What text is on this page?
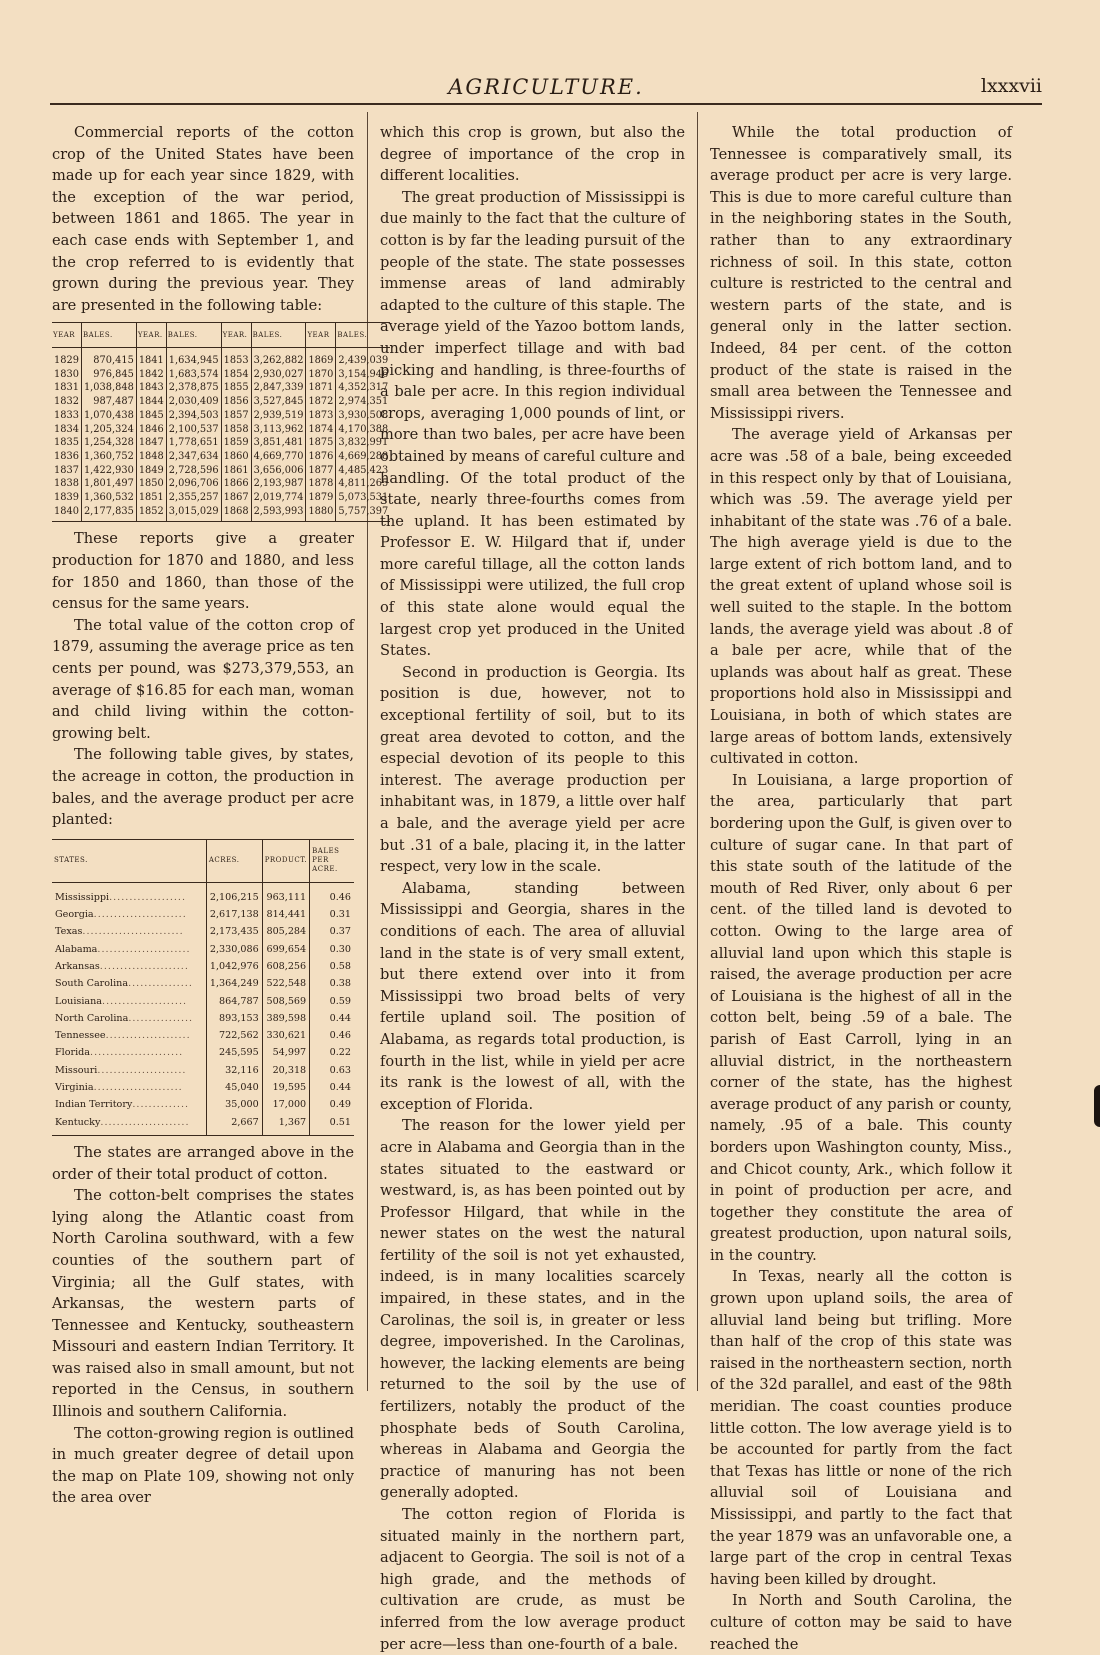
AGRICULTURE.	lxxxvii

Commercial reports of the cotton crop of the United States have been made up for each year since 1829, with the exception of the war period, between 1861 and 1865. The year in each case ends with September 1, and the crop referred to is evidently that grown during the previous year. They are presented in the following table:

YEAR	BALES.	YEAR.	BALES.	YEAR.	BALES.	YEAR	BALES.
1829	870,415	1841	1,634,945	1853	3,262,882	1869	2,439,039
1830	976,845	1842	1,683,574	1854	2,930,027	1870	3,154,946
1831	1,038,848	1843	2,378,875	1855	2,847,339	1871	4,352,317
1832	987,487	1844	2,030,409	1856	3,527,845	1872	2,974,351
1833	1,070,438	1845	2,394,503	1857	2,939,519	1873	3,930,508
1834	1,205,324	1846	2,100,537	1858	3,113,962	1874	4,170,388
1835	1,254,328	1847	1,778,651	1859	3,851,481	1875	3,832,991
1836	1,360,752	1848	2,347,634	1860	4,669,770	1876	4,669,288
1837	1,422,930	1849	2,728,596	1861	3,656,006	1877	4,485,423
1838	1,801,497	1850	2,096,706	1866	2,193,987	1878	4,811,265
1839	1,360,532	1851	2,355,257	1867	2,019,774	1879	5,073,531
1840	2,177,835	1852	3,015,029	1868	2,593,993	1880	5,757,397

These reports give a greater production for 1870 and 1880, and less for 1850 and 1860, than those of the census for the same years.

The total value of the cotton crop of 1879, assuming the average price as ten cents per pound, was $273,379,553, an average of $16.85 for each man, woman and child living within the cotton-growing belt.

The following table gives, by states, the acreage in cotton, the production in bales, and the average product per acre planted:

STATES.	ACRES.	PRODUCT.	BALES PER ACRE.
Mississippi...................	2,106,215	963,111	0.46
Georgia.......................	2,617,138	814,441	0.31
Texas.........................	2,173,435	805,284	0.37
Alabama.......................	2,330,086	699,654	0.30
Arkansas......................	1,042,976	608,256	0.58
South Carolina................	1,364,249	522,548	0.38
Louisiana.....................	864,787	508,569	0.59
North Carolina................	893,153	389,598	0.44
Tennessee.....................	722,562	330,621	0.46
Florida.......................	245,595	54,997	0.22
Missouri......................	32,116	20,318	0.63
Virginia......................	45,040	19,595	0.44
Indian Territory..............	35,000	17,000	0.49
Kentucky......................	2,667	1,367	0.51

The states are arranged above in the order of their total product of cotton.

The cotton-belt comprises the states lying along the Atlantic coast from North Carolina southward, with a few counties of the southern part of Virginia; all the Gulf states, with Arkansas, the western parts of Tennessee and Kentucky, southeastern Missouri and eastern Indian Territory. It was raised also in small amount, but not reported in the Census, in southern Illinois and southern California.

The cotton-growing region is outlined in much greater degree of detail upon the map on Plate 109, showing not only the area over

which this crop is grown, but also the degree of importance of the crop in different localities.

The great production of Mississippi is due mainly to the fact that the culture of cotton is by far the leading pursuit of the people of the state. The state possesses immense areas of land admirably adapted to the culture of this staple. The average yield of the Yazoo bottom lands, under imperfect tillage and with bad picking and handling, is three-fourths of a bale per acre. In this region individual crops, averaging 1,000 pounds of lint, or more than two bales, per acre have been obtained by means of careful culture and handling. Of the total product of the state, nearly three-fourths comes from the upland. It has been estimated by Professor E. W. Hilgard that if, under more careful tillage, all the cotton lands of Mississippi were utilized, the full crop of this state alone would equal the largest crop yet produced in the United States.

Second in production is Georgia. Its position is due, however, not to exceptional fertility of soil, but to its great area devoted to cotton, and the especial devotion of its people to this interest. The average production per inhabitant was, in 1879, a little over half a bale, and the average yield per acre but .31 of a bale, placing it, in the latter respect, very low in the scale.

Alabama, standing between Mississippi and Georgia, shares in the conditions of each. The area of alluvial land in the state is of very small extent, but there extend over into it from Mississippi two broad belts of very fertile upland soil. The position of Alabama, as regards total production, is fourth in the list, while in yield per acre its rank is the lowest of all, with the exception of Florida.

The reason for the lower yield per acre in Alabama and Georgia than in the states situated to the eastward or westward, is, as has been pointed out by Professor Hilgard, that while in the newer states on the west the natural fertility of the soil is not yet exhausted, indeed, is in many localities scarcely impaired, in these states, and in the Carolinas, the soil is, in greater or less degree, impoverished. In the Carolinas, however, the lacking elements are being returned to the soil by the use of fertilizers, notably the product of the phosphate beds of South Carolina, whereas in Alabama and Georgia the practice of manuring has not been generally adopted.

The cotton region of Florida is situated mainly in the northern part, adjacent to Georgia. The soil is not of a high grade, and the methods of cultivation are crude, as must be inferred from the low average product per acre—less than one-fourth of a bale.

While the total production of Tennessee is comparatively small, its average product per acre is very large. This is due to more careful culture than in the neighboring states in the South, rather than to any extraordinary richness of soil. In this state, cotton culture is restricted to the central and western parts of the state, and is general only in the latter section. Indeed, 84 per cent. of the cotton product of the state is raised in the small area between the Tennessee and Mississippi rivers.

The average yield of Arkansas per acre was .58 of a bale, being exceeded in this respect only by that of Louisiana, which was .59. The average yield per inhabitant of the state was .76 of a bale. The high average yield is due to the large extent of rich bottom land, and to the great extent of upland whose soil is well suited to the staple. In the bottom lands, the average yield was about .8 of a bale per acre, while that of the uplands was about half as great. These proportions hold also in Mississippi and Louisiana, in both of which states are large areas of bottom lands, extensively cultivated in cotton.

In Louisiana, a large proportion of the area, particularly that part bordering upon the Gulf, is given over to culture of sugar cane. In that part of this state south of the latitude of the mouth of Red River, only about 6 per cent. of the tilled land is devoted to cotton. Owing to the large area of alluvial land upon which this staple is raised, the average production per acre of Louisiana is the highest of all in the cotton belt, being .59 of a bale. The parish of East Carroll, lying in an alluvial district, in the northeastern corner of the state, has the highest average product of any parish or county, namely, .95 of a bale. This county borders upon Washington county, Miss., and Chicot county, Ark., which follow it in point of production per acre, and together they constitute the area of greatest production, upon natural soils, in the country.

In Texas, nearly all the cotton is grown upon upland soils, the area of alluvial land being but trifling. More than half of the crop of this state was raised in the northeastern section, north of the 32d parallel, and east of the 98th meridian. The coast counties produce little cotton. The low average yield is to be accounted for partly from the fact that Texas has little or none of the rich alluvial soil of Louisiana and Mississippi, and partly to the fact that the year 1879 was an unfavorable one, a large part of the crop in central Texas having been killed by drought.

In North and South Carolina, the culture of cotton may be said to have reached the
